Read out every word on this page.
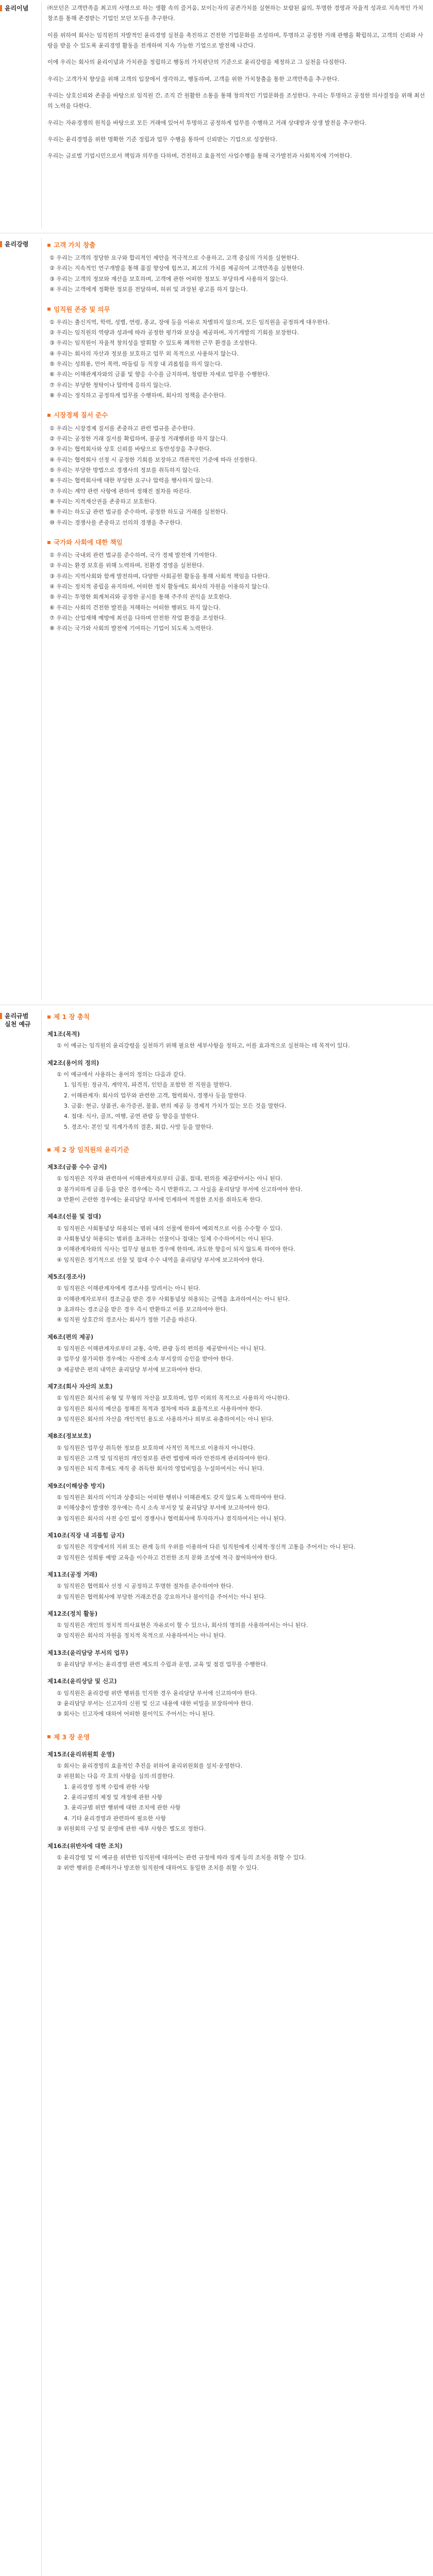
윤리이념	㈜모던은 고객만족을 최고의 사명으로 하는 생활 속의 즐거움, 보이는자의 공존가치를 실현하는 보람된 삶의, 투명한 경영과 자율적 성과로 지속적인 가치창조를 통해 존경받는 기업인 모던 모두를 추구한다.

이를 위하여 회사는 임직원의 자발적인 윤리경영 실천을 촉진하고 건전한 기업문화를 조성하며, 투명하고 공정한 거래 관행을 확립하고, 고객의 신뢰와 사랑을 받을 수 있도록 윤리경영 활동을 전개하며 지속 가능한 기업으로 발전해 나간다.

이에 우리는 회사의 윤리이념과 가치관을 정립하고 행동의 가치판단의 기준으로 윤리강령을 제정하고 그 실천을 다짐한다.

우리는 고객가치 향상을 위해 고객의 입장에서 생각하고, 행동하며, 고객을 위한 가치창출을 통한 고객만족을 추구한다.

우리는 상호신뢰와 존중을 바탕으로 임직원 간, 조직 간 원활한 소통을 통해 창의적인 기업문화를 조성한다. 우리는 투명하고 공정한 의사결정을 위해 최선의 노력을 다한다.

우리는 자유경쟁의 원칙을 바탕으로 모든 거래에 있어서 투명하고 공정하게 업무를 수행하고 거래 상대방과 상생 발전을 추구한다.

우리는 윤리경영을 위한 명확한 기준 정립과 업무 수행을 통하여 신뢰받는 기업으로 성장한다.

우리는 글로벌 기업시민으로서 책임과 의무를 다하며, 건전하고 효율적인 사업수행을 통해 국가발전과 사회복지에 기여한다.

윤리강령	고객 가치 창출
① 우리는 고객의 정당한 요구와 합리적인 제안을 적극적으로 수용하고, 고객 중심의 가치를 실현한다.
② 우리는 지속적인 연구개발을 통해 품질 향상에 힘쓰고, 최고의 가치를 제공하여 고객만족을 실현한다.
③ 우리는 고객의 정보와 재산을 보호하며, 고객에 관한 어떠한 정보도 부당하게 사용하지 않는다.
④ 우리는 고객에게 정확한 정보를 전달하며, 허위 및 과장된 광고를 하지 않는다.
임직원 존중 및 의무
① 우리는 출신지역, 학력, 성별, 연령, 종교, 장애 등을 이유로 차별하지 않으며, 모든 임직원을 공정하게 대우한다.
② 우리는 임직원의 역량과 성과에 따라 공정한 평가와 보상을 제공하며, 자기개발의 기회를 보장한다.
③ 우리는 임직원이 자율적 창의성을 발휘할 수 있도록 쾌적한 근무 환경을 조성한다.
④ 우리는 회사의 자산과 정보를 보호하고 업무 외 목적으로 사용하지 않는다.
⑤ 우리는 성희롱, 언어 폭력, 따돌림 등 직장 내 괴롭힘을 하지 않는다.
⑥ 우리는 이해관계자와의 금품 및 향응 수수를 금지하며, 청렴한 자세로 업무를 수행한다.
⑦ 우리는 부당한 청탁이나 압력에 응하지 않는다.
⑧ 우리는 정직하고 공정하게 업무를 수행하며, 회사의 정책을 준수한다.
시장경제 질서 준수
① 우리는 시장경제 질서를 존중하고 관련 법규를 준수한다.
② 우리는 공정한 거래 질서를 확립하며, 불공정 거래행위를 하지 않는다.
③ 우리는 협력회사와 상호 신뢰를 바탕으로 동반성장을 추구한다.
④ 우리는 협력회사 선정 시 공정한 기회를 보장하고 객관적인 기준에 따라 선정한다.
⑤ 우리는 부당한 방법으로 경쟁사의 정보를 취득하지 않는다.
⑥ 우리는 협력회사에 대한 부당한 요구나 압력을 행사하지 않는다.
⑦ 우리는 계약 관련 사항에 관하여 정해진 절차를 따른다.
⑧ 우리는 지적재산권을 존중하고 보호한다.
⑨ 우리는 하도급 관련 법규를 준수하며, 공정한 하도급 거래를 실천한다.
⑩ 우리는 경쟁사를 존중하고 선의의 경쟁을 추구한다.
국가와 사회에 대한 책임
① 우리는 국내외 관련 법규를 준수하며, 국가 경제 발전에 기여한다.
② 우리는 환경 보호를 위해 노력하며, 친환경 경영을 실천한다.
③ 우리는 지역사회와 함께 발전하며, 다양한 사회공헌 활동을 통해 사회적 책임을 다한다.
④ 우리는 정치적 중립을 유지하며, 어떠한 정치 활동에도 회사의 자원을 이용하지 않는다.
⑤ 우리는 투명한 회계처리와 공정한 공시를 통해 주주의 권익을 보호한다.
⑥ 우리는 사회의 건전한 발전을 저해하는 어떠한 행위도 하지 않는다.
⑦ 우리는 산업재해 예방에 최선을 다하며 안전한 작업 환경을 조성한다.
⑧ 우리는 국가와 사회의 발전에 기여하는 기업이 되도록 노력한다.
윤리규범 실천 예규
제 1 장 총칙
제1조(목적)
① 이 예규는 임직원의 윤리강령을 실천하기 위해 필요한 세부사항을 정하고, 이를 효과적으로 실천하는 데 목적이 있다.
제2조(용어의 정의)
① 이 예규에서 사용하는 용어의 정의는 다음과 같다.
1. 임직원: 정규직, 계약직, 파견직, 인턴을 포함한 전 직원을 말한다.
2. 이해관계자: 회사의 업무와 관련한 고객, 협력회사, 경쟁사 등을 말한다.
3. 금품: 현금, 상품권, 유가증권, 물품, 편의 제공 등 경제적 가치가 있는 모든 것을 말한다.
4. 접대: 식사, 골프, 여행, 공연 관람 등 향응을 말한다.
5. 경조사: 본인 및 직계가족의 결혼, 회갑, 사망 등을 말한다.
제 2 장 임직원의 윤리기준
제3조(금품 수수 금지)
① 임직원은 직무와 관련하여 이해관계자로부터 금품, 접대, 편의를 제공받아서는 아니 된다.
② 불가피하게 금품 등을 받은 경우에는 즉시 반환하고, 그 사실을 윤리담당 부서에 신고하여야 한다.
③ 반환이 곤란한 경우에는 윤리담당 부서에 인계하여 적절한 조치를 취하도록 한다.
제4조(선물 및 접대)
① 임직원은 사회통념상 허용되는 범위 내의 선물에 한하여 예외적으로 이를 수수할 수 있다.
② 사회통념상 허용되는 범위를 초과하는 선물이나 접대는 일체 수수하여서는 아니 된다.
③ 이해관계자와의 식사는 업무상 필요한 경우에 한하며, 과도한 향응이 되지 않도록 하여야 한다.
④ 임직원은 정기적으로 선물 및 접대 수수 내역을 윤리담당 부서에 보고하여야 한다.
제5조(경조사)
① 임직원은 이해관계자에게 경조사를 알려서는 아니 된다.
② 이해관계자로부터 경조금을 받은 경우 사회통념상 허용되는 금액을 초과하여서는 아니 된다.
③ 초과하는 경조금을 받은 경우 즉시 반환하고 이를 보고하여야 한다.
④ 임직원 상호간의 경조사는 회사가 정한 기준을 따른다.
제6조(편의 제공)
① 임직원은 이해관계자로부터 교통, 숙박, 관광 등의 편의를 제공받아서는 아니 된다.
② 업무상 불가피한 경우에는 사전에 소속 부서장의 승인을 받아야 한다.
③ 제공받은 편의 내역은 윤리담당 부서에 보고하여야 한다.
제7조(회사 자산의 보호)
① 임직원은 회사의 유형 및 무형의 자산을 보호하며, 업무 이외의 목적으로 사용하지 아니한다.
② 임직원은 회사의 예산을 정해진 목적과 절차에 따라 효율적으로 사용하여야 한다.
③ 임직원은 회사의 자산을 개인적인 용도로 사용하거나 외부로 유출하여서는 아니 된다.
제8조(정보보호)
① 임직원은 업무상 취득한 정보를 보호하며 사적인 목적으로 이용하지 아니한다.
② 임직원은 고객 및 임직원의 개인정보를 관련 법령에 따라 안전하게 관리하여야 한다.
③ 임직원은 퇴직 후에도 재직 중 취득한 회사의 영업비밀을 누설하여서는 아니 된다.
제9조(이해상충 방지)
① 임직원은 회사의 이익과 상충되는 어떠한 행위나 이해관계도 갖지 않도록 노력하여야 한다.
② 이해상충이 발생한 경우에는 즉시 소속 부서장 및 윤리담당 부서에 보고하여야 한다.
③ 임직원은 회사의 사전 승인 없이 경쟁사나 협력회사에 투자하거나 겸직하여서는 아니 된다.
제10조(직장 내 괴롭힘 금지)
① 임직원은 직장에서의 지위 또는 관계 등의 우위를 이용하여 다른 임직원에게 신체적·정신적 고통을 주어서는 아니 된다.
② 임직원은 성희롱 예방 교육을 이수하고 건전한 조직 문화 조성에 적극 참여하여야 한다.
제11조(공정 거래)
① 임직원은 협력회사 선정 시 공정하고 투명한 절차를 준수하여야 한다.
② 임직원은 협력회사에 부당한 거래조건을 강요하거나 불이익을 주어서는 아니 된다.
제12조(정치 활동)
① 임직원은 개인의 정치적 의사표현은 자유로이 할 수 있으나, 회사의 명의를 사용하여서는 아니 된다.
② 임직원은 회사의 자원을 정치적 목적으로 사용하여서는 아니 된다.
제13조(윤리담당 부서의 업무)
① 윤리담당 부서는 윤리경영 관련 제도의 수립과 운영, 교육 및 점검 업무를 수행한다.
제14조(윤리상담 및 신고)
① 임직원은 윤리강령 위반 행위를 인지한 경우 윤리담당 부서에 신고하여야 한다.
② 윤리담당 부서는 신고자의 신원 및 신고 내용에 대한 비밀을 보장하여야 한다.
③ 회사는 신고자에 대하여 어떠한 불이익도 주어서는 아니 된다.
제 3 장 운영
제15조(윤리위원회 운영)
① 회사는 윤리경영의 효율적인 추진을 위하여 윤리위원회를 설치·운영한다.
② 위원회는 다음 각 호의 사항을 심의·의결한다.
1. 윤리경영 정책 수립에 관한 사항
2. 윤리규범의 제정 및 개정에 관한 사항
3. 윤리규범 위반 행위에 대한 조치에 관한 사항
4. 기타 윤리경영과 관련하여 필요한 사항
③ 위원회의 구성 및 운영에 관한 세부 사항은 별도로 정한다.
제16조(위반자에 대한 조치)
① 윤리강령 및 이 예규를 위반한 임직원에 대하여는 관련 규정에 따라 징계 등의 조치를 취할 수 있다.
② 위반 행위를 은폐하거나 방조한 임직원에 대하여도 동일한 조치를 취할 수 있다.
